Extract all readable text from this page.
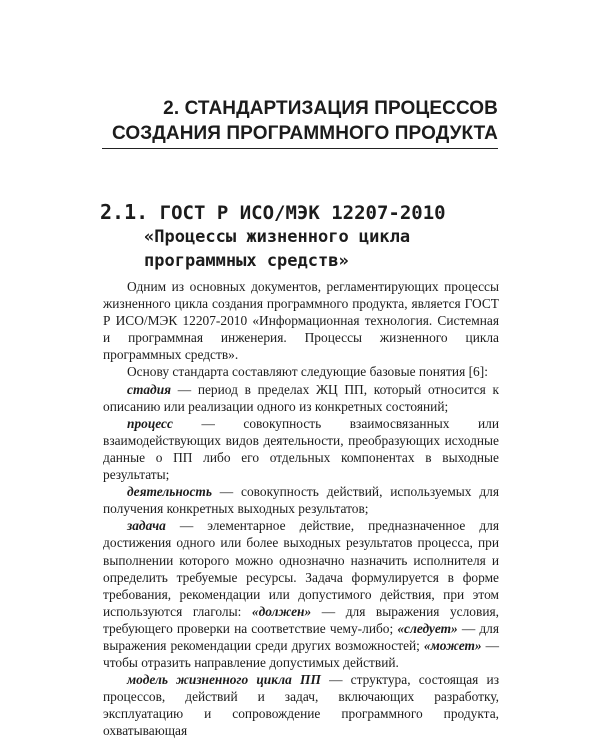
2. СТАНДАРТИЗАЦИЯ ПРОЦЕССОВ
СОЗДАНИЯ ПРОГРАММНОГО ПРОДУКТА
2.1. ГОСТ Р ИСО/МЭК 12207-2010
«Процессы жизненного цикла
программных средств»

Одним из основных документов, регламентирующих процессы жизненного цикла создания программного продукта, является ГОСТ Р ИСО/МЭК 12207-2010 «Информационная технология. Системная и программная инженерия. Процессы жизненного цикла программных средств».

Основу стандарта составляют следующие базовые понятия [6]:

стадия — период в пределах ЖЦ ПП, который относится к описанию или реализации одного из конкретных состояний;

процесс — совокупность взаимосвязанных или взаимодействующих видов деятельности, преобразующих исходные данные о ПП либо его отдельных компонентах в выходные результаты;

деятельность — совокупность действий, используемых для получения конкретных выходных результатов;

задача — элементарное действие, предназначенное для достижения одного или более выходных результатов процесса, при выполнении которого можно однозначно назначить исполнителя и определить требуемые ресурсы. Задача формулируется в форме требования, рекомендации или допустимого действия, при этом используются глаголы: «должен» — для выражения условия, требующего проверки на соответствие чему-либо; «следует» — для выражения рекомендации среди других возможностей; «может» — чтобы отразить направление допустимых действий.

модель жизненного цикла ПП — структура, состоящая из процессов, действий и задач, включающих разработку, эксплуатацию и сопровождение программного продукта, охватывающая
